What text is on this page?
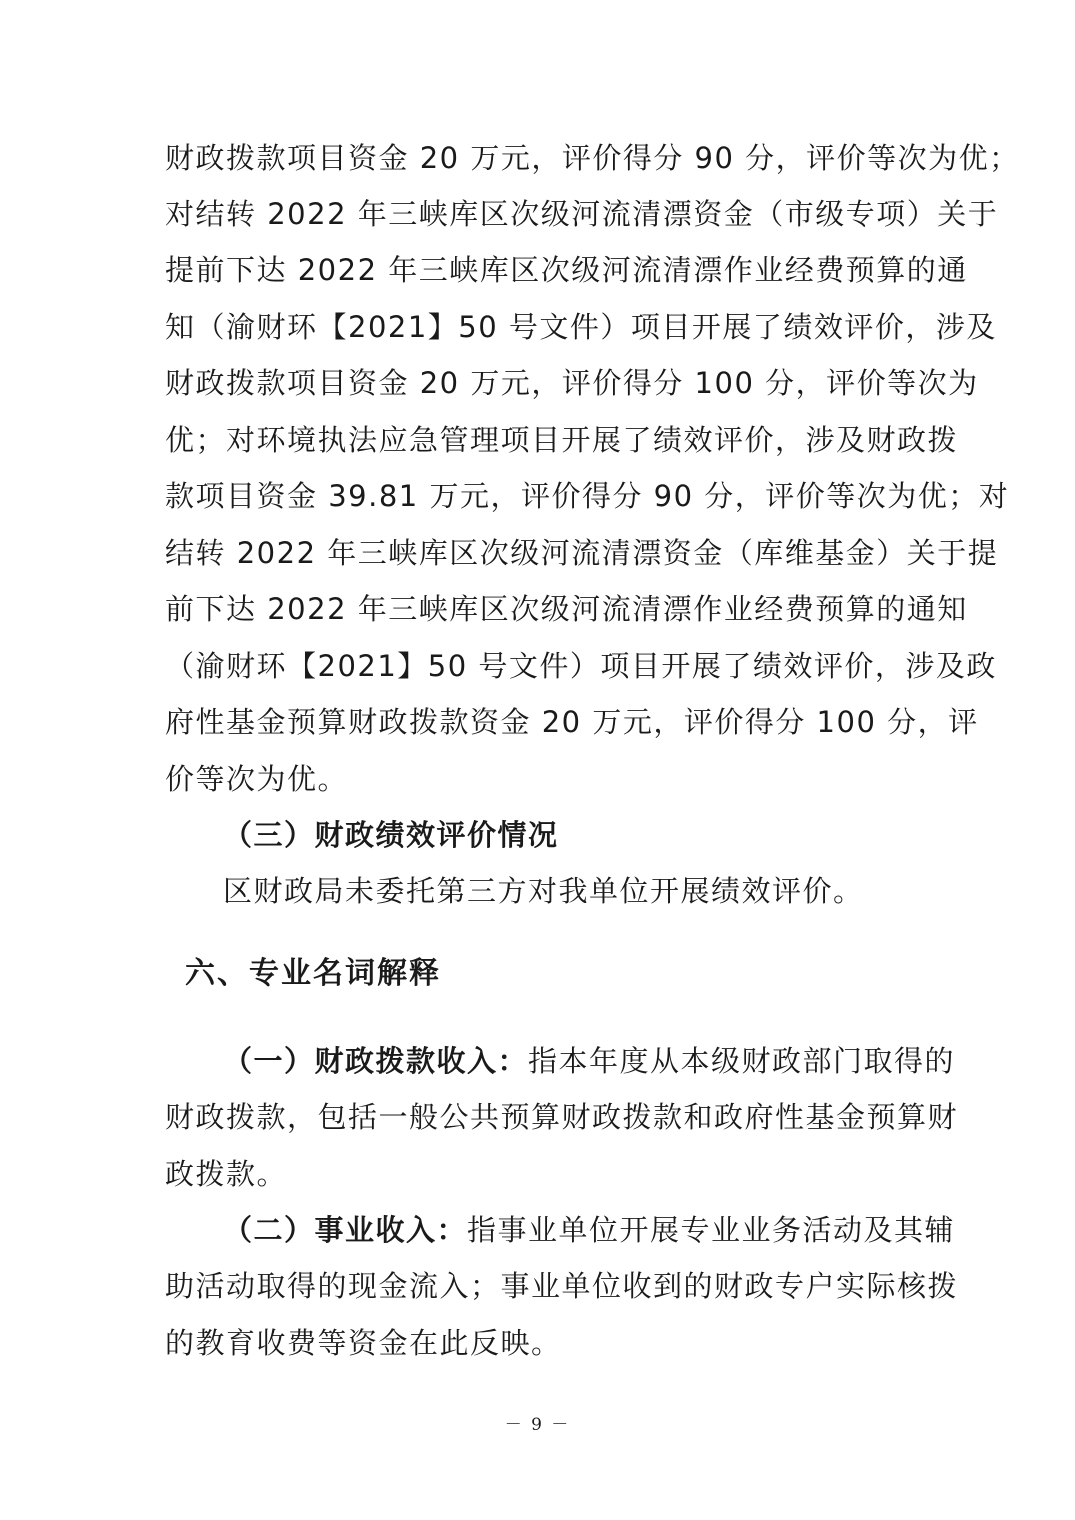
财政拨款项目资金 20 万元，评价得分 90 分，评价等次为优；
对结转 2022 年三峡库区次级河流清漂资金（市级专项）关于
提前下达 2022 年三峡库区次级河流清漂作业经费预算的通
知（渝财环【2021】50 号文件）项目开展了绩效评价，涉及
财政拨款项目资金 20 万元，评价得分 100 分，评价等次为
优；对环境执法应急管理项目开展了绩效评价，涉及财政拨
款项目资金 39.81 万元，评价得分 90 分，评价等次为优；对
结转 2022 年三峡库区次级河流清漂资金（库维基金）关于提
前下达 2022 年三峡库区次级河流清漂作业经费预算的通知
（渝财环【2021】50 号文件）项目开展了绩效评价，涉及政
府性基金预算财政拨款资金 20 万元，评价得分 100 分，评
价等次为优。
（三）财政绩效评价情况
区财政局未委托第三方对我单位开展绩效评价。
六、专业名词解释
（一）财政拨款收入：指本年度从本级财政部门取得的
财政拨款，包括一般公共预算财政拨款和政府性基金预算财
政拨款。
（二）事业收入：指事业单位开展专业业务活动及其辅
助活动取得的现金流入；事业单位收到的财政专户实际核拨
的教育收费等资金在此反映。
－ 9 －
